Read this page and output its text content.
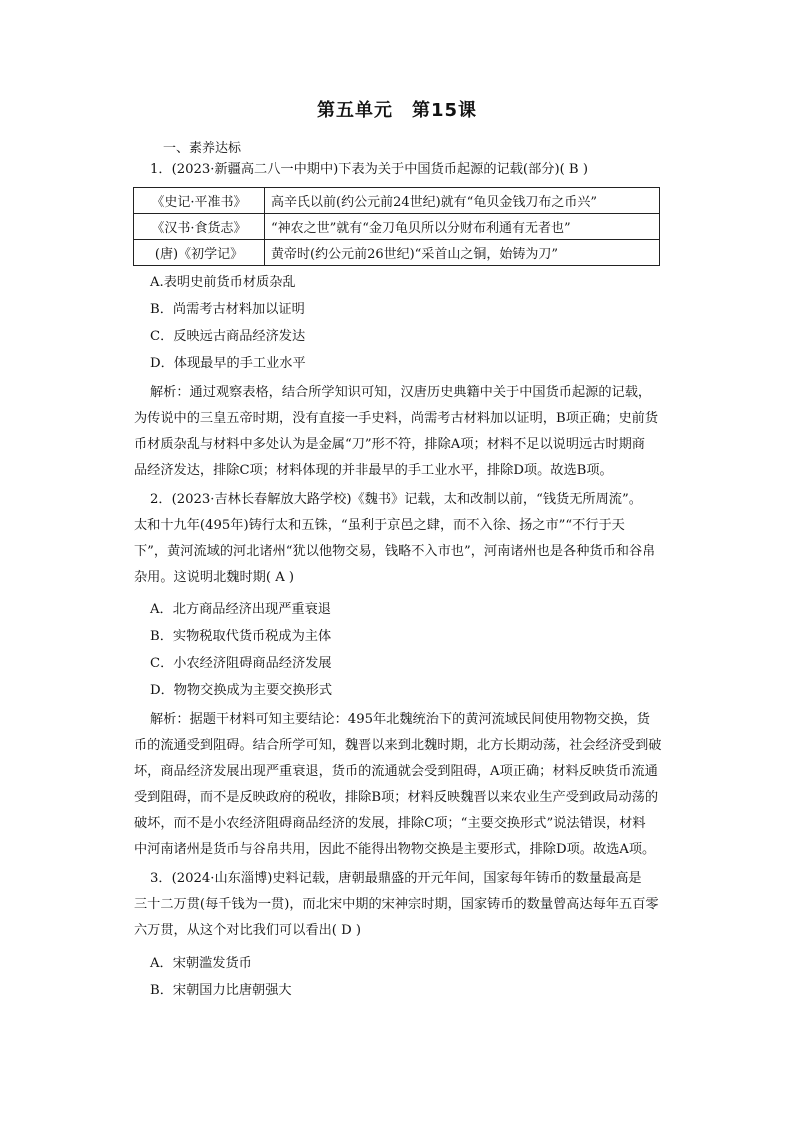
第五单元　第15课
一、素养达标
1．(2023·新疆高二八一中期中)下表为关于中国货币起源的记载(部分)( B )
《史记·平准书》	高辛氏以前(约公元前24世纪)就有“龟贝金钱刀布之币兴”
《汉书·食货志》	“神农之世”就有“金刀龟贝所以分财布利通有无者也”
(唐)《初学记》	黄帝时(约公元前26世纪)“采首山之铜，始铸为刀”
A.表明史前货币材质杂乱
B．尚需考古材料加以证明
C．反映远古商品经济发达
D．体现最早的手工业水平
解析：通过观察表格，结合所学知识可知，汉唐历史典籍中关于中国货币起源的记载，
为传说中的三皇五帝时期，没有直接一手史料，尚需考古材料加以证明，B项正确；史前货
币材质杂乱与材料中多处认为是金属“刀”形不符，排除A项；材料不足以说明远古时期商
品经济发达，排除C项；材料体现的并非最早的手工业水平，排除D项。故选B项。
2．(2023·吉林长春解放大路学校)《魏书》记载，太和改制以前，“钱货无所周流”。
太和十九年(495年)铸行太和五铢，“虽利于京邑之肆，而不入徐、扬之市”“不行于天
下”，黄河流域的河北诸州“犹以他物交易，钱略不入市也”，河南诸州也是各种货币和谷帛
杂用。这说明北魏时期( A )
A．北方商品经济出现严重衰退
B．实物税取代货币税成为主体
C．小农经济阻碍商品经济发展
D．物物交换成为主要交换形式
解析：据题干材料可知主要结论：495年北魏统治下的黄河流域民间使用物物交换，货
币的流通受到阻碍。结合所学可知，魏晋以来到北魏时期，北方长期动荡，社会经济受到破
坏，商品经济发展出现严重衰退，货币的流通就会受到阻碍，A项正确；材料反映货币流通
受到阻碍，而不是反映政府的税收，排除B项；材料反映魏晋以来农业生产受到政局动荡的
破坏，而不是小农经济阻碍商品经济的发展，排除C项；“主要交换形式”说法错误，材料
中河南诸州是货币与谷帛共用，因此不能得出物物交换是主要形式，排除D项。故选A项。
3．(2024·山东淄博)史料记载，唐朝最鼎盛的开元年间，国家每年铸币的数量最高是
三十二万贯(每千钱为一贯)，而北宋中期的宋神宗时期，国家铸币的数量曾高达每年五百零
六万贯，从这个对比我们可以看出( D )
A．宋朝滥发货币
B．宋朝国力比唐朝强大
